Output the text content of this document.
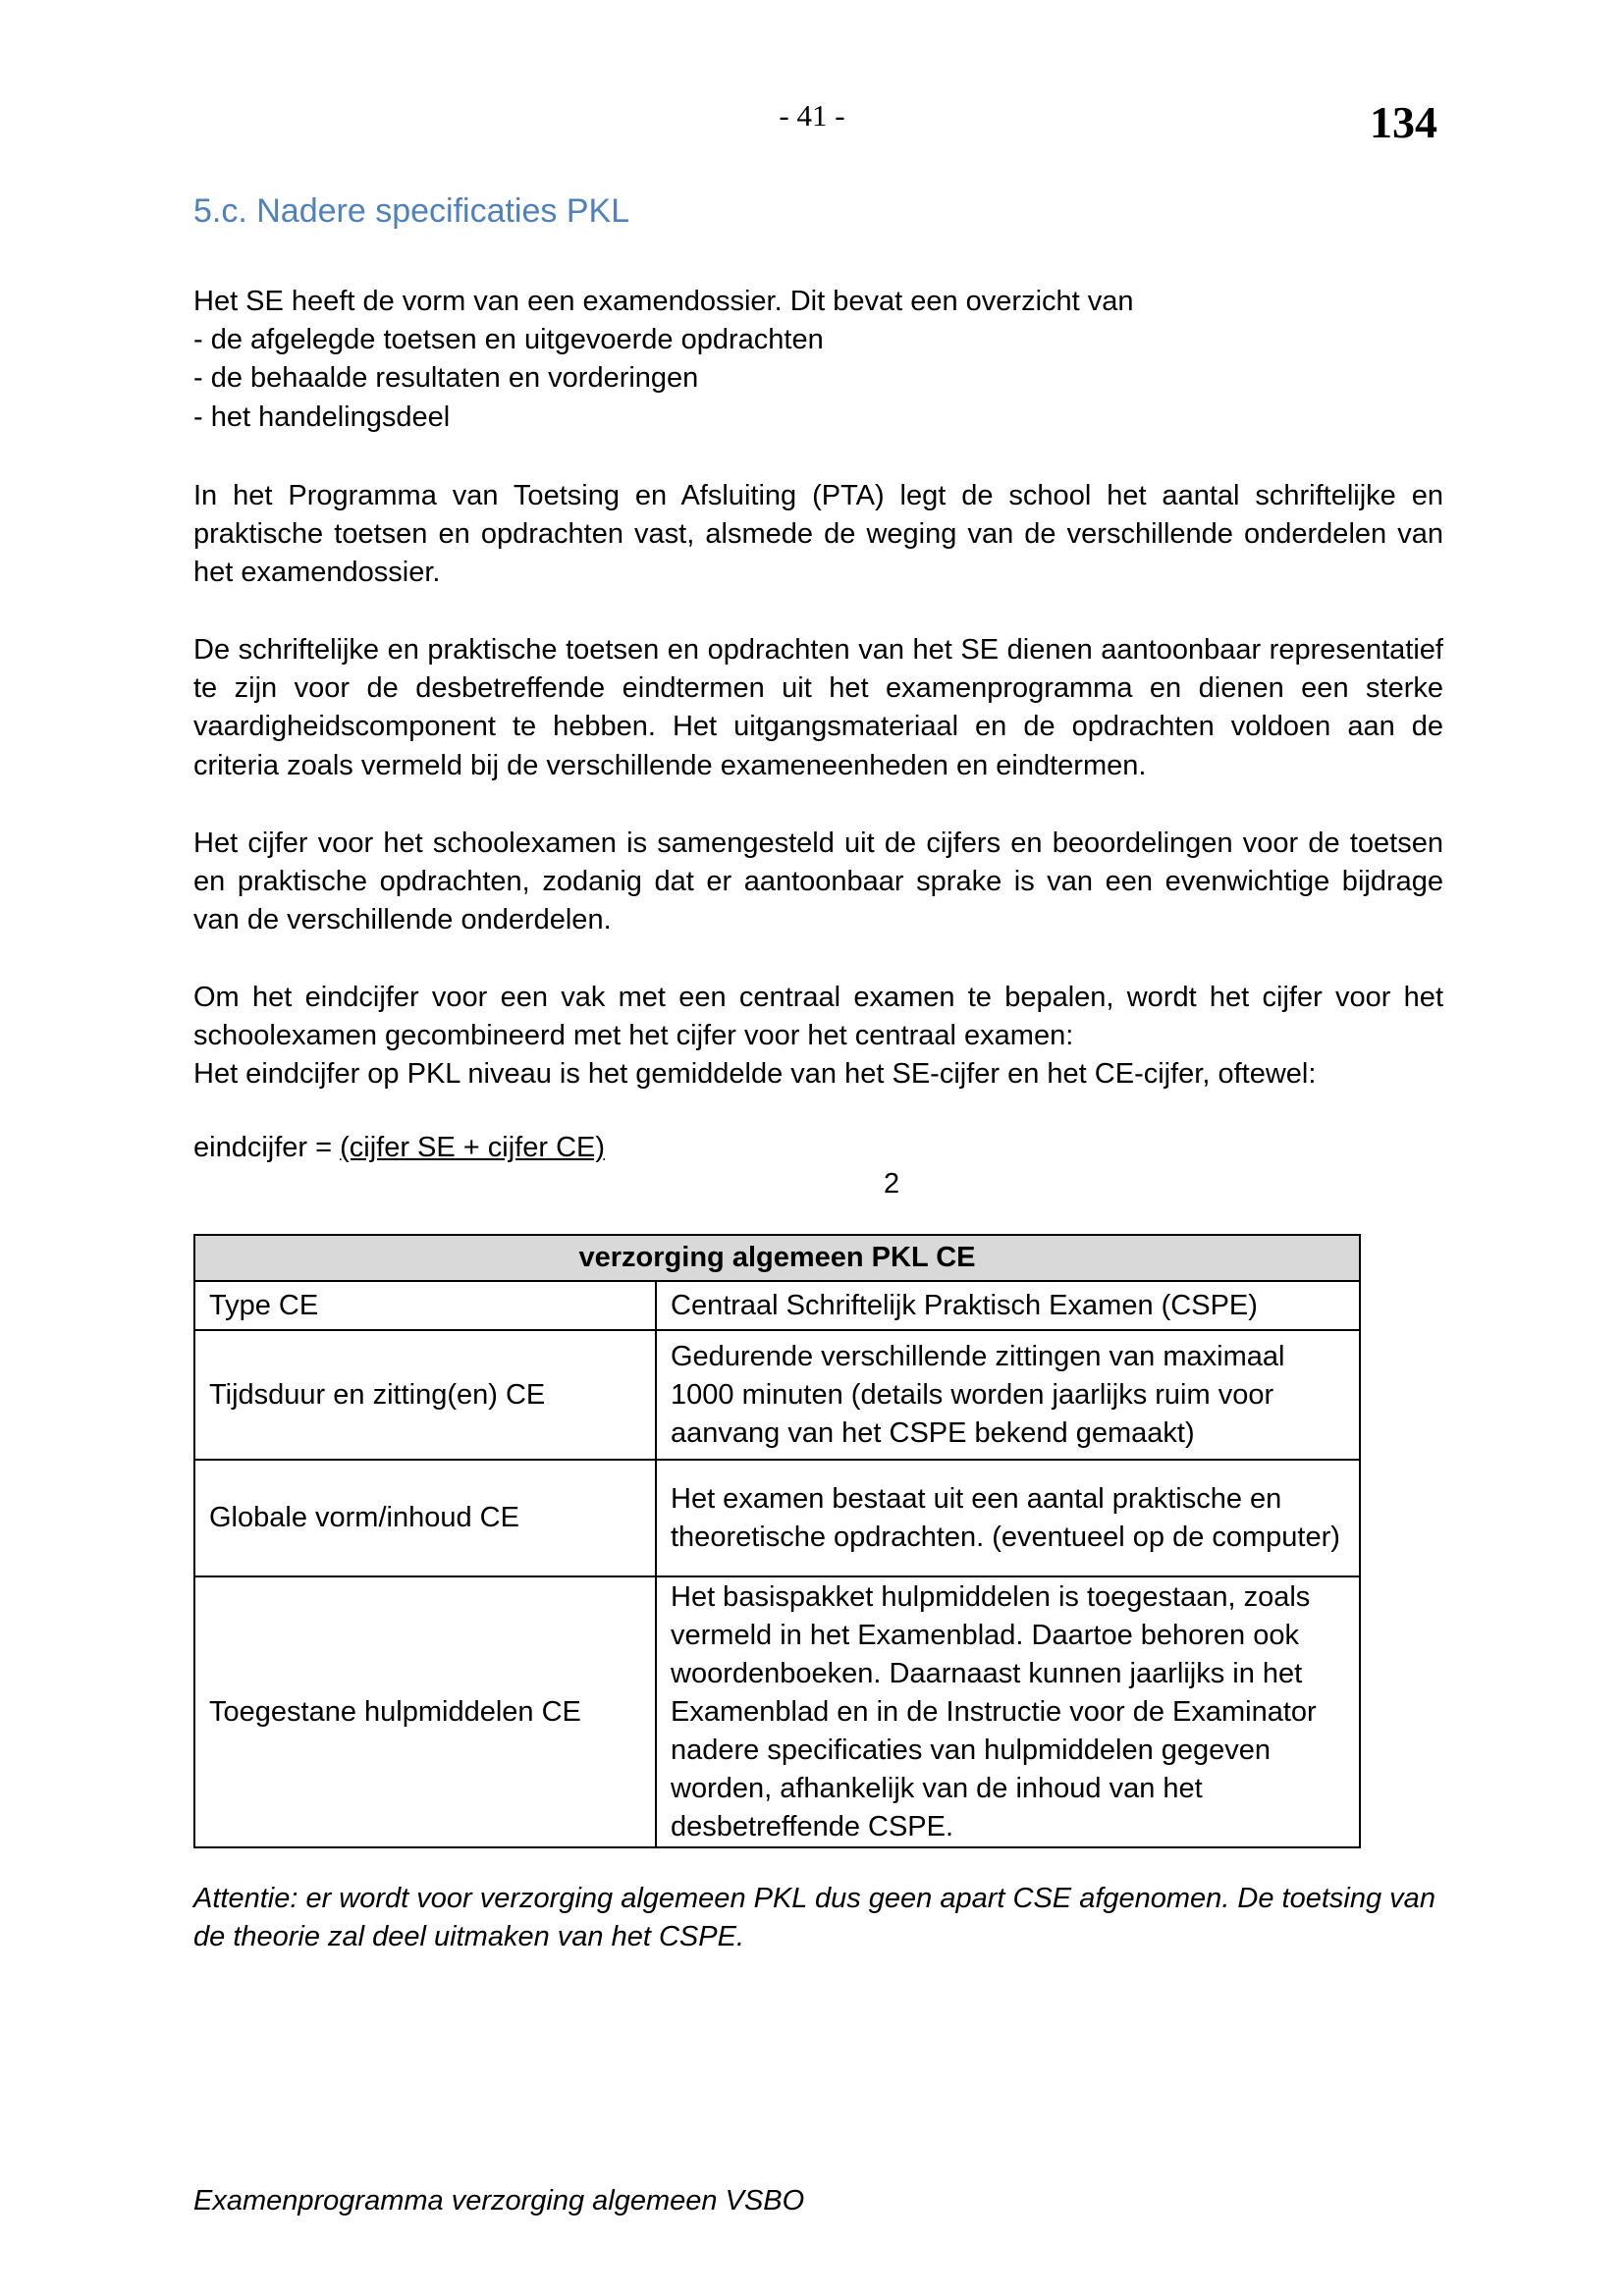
- 41 -	134
5.c. Nadere specificaties PKL
Het SE heeft de vorm van een examendossier. Dit bevat een overzicht van
- de afgelegde toetsen en uitgevoerde opdrachten
- de behaalde resultaten en vorderingen
- het handelingsdeel

In het Programma van Toetsing en Afsluiting (PTA) legt de school het aantal schriftelijke en praktische toetsen en opdrachten vast, alsmede de weging van de verschillende onderdelen van het examendossier.

De schriftelijke en praktische toetsen en opdrachten van het SE dienen aantoonbaar representatief te zijn voor de desbetreffende eindtermen uit het examenprogramma en dienen een sterke vaardigheidscomponent te hebben. Het uitgangsmateriaal en de opdrachten voldoen aan de criteria zoals vermeld bij de verschillende exameneenheden en eindtermen.

Het cijfer voor het schoolexamen is samengesteld uit de cijfers en beoordelingen voor de toetsen en praktische opdrachten, zodanig dat er aantoonbaar sprake is van een evenwichtige bijdrage van de verschillende onderdelen.

Om het eindcijfer voor een vak met een centraal examen te bepalen, wordt het cijfer voor het schoolexamen gecombineerd met het cijfer voor het centraal examen:

Het eindcijfer op PKL niveau is het gemiddelde van het SE-cijfer en het CE-cijfer, oftewel:

eindcijfer = (cijfer SE + cijfer CE)
2
verzorging algemeen PKL CE	
Type CE	Centraal Schriftelijk Praktisch Examen (CSPE)
Tijdsduur en zitting(en) CE	Gedurende verschillende zittingen van maximaal 1000 minuten (details worden jaarlijks ruim voor aanvang van het CSPE bekend gemaakt)
Globale vorm/inhoud CE	Het examen bestaat uit een aantal praktische en theoretische opdrachten. (eventueel op de computer)
Toegestane hulpmiddelen CE	Het basispakket hulpmiddelen is toegestaan, zoals vermeld in het Examenblad. Daartoe behoren ook woordenboeken. Daarnaast kunnen jaarlijks in het Examenblad en in de Instructie voor de Examinator nadere specificaties van hulpmiddelen gegeven worden, afhankelijk van de inhoud van het desbetreffende CSPE.
Attentie: er wordt voor verzorging algemeen PKL dus geen apart CSE afgenomen. De toetsing van de theorie zal deel uitmaken van het CSPE.
Examenprogramma verzorging algemeen VSBO
